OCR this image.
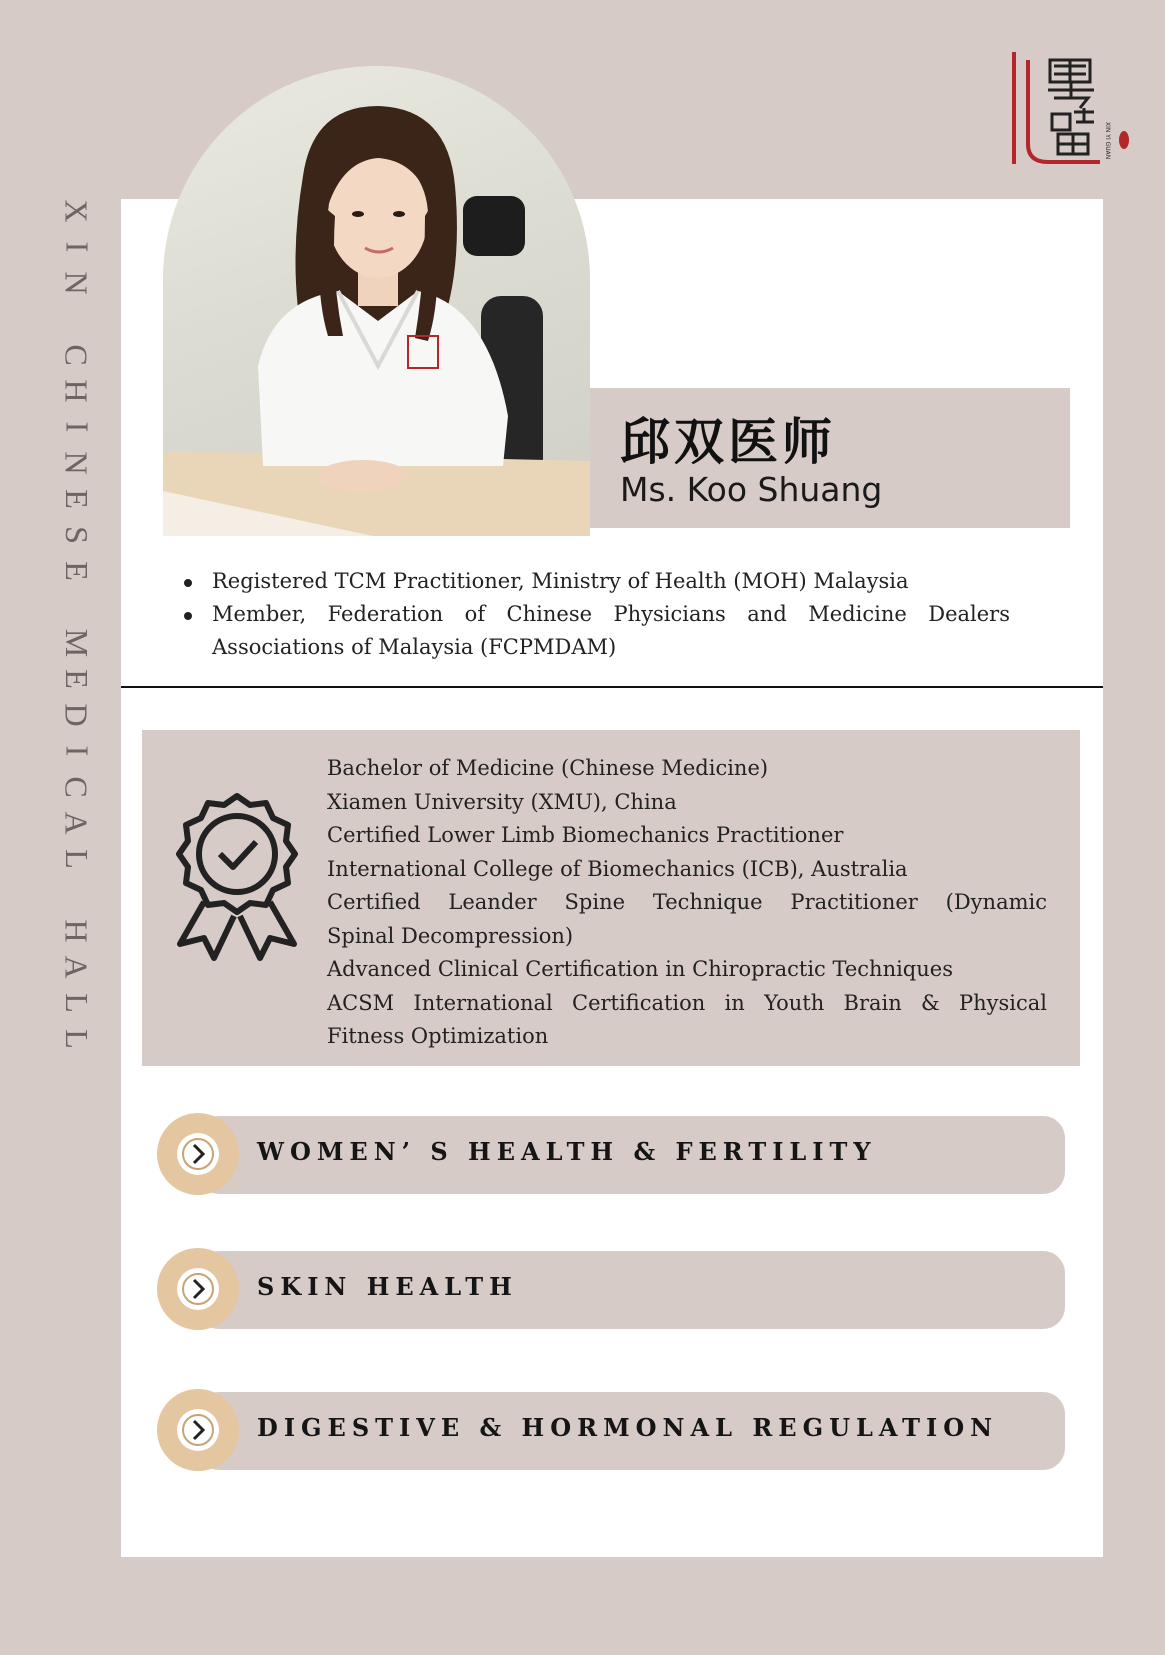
X
I
N

C
H
I
N
E
S
E

M
E
D
I
C
A
L

H
A
L
L
XIN YI GUAN
邱双医师
Ms. Koo Shuang
Registered TCM Practitioner, Ministry of Health (MOH) Malaysia
Member, Federation of Chinese Physicians and Medicine Dealers Associations of Malaysia (FCPMDAM)
Bachelor of Medicine (Chinese Medicine)
Xiamen University (XMU), China
Certified Lower Limb Biomechanics Practitioner
International College of Biomechanics (ICB), Australia
Certified Leander Spine Technique Practitioner (Dynamic
Spinal Decompression)
Advanced Clinical Certification in Chiropractic Techniques
ACSM International Certification in Youth Brain & Physical
Fitness Optimization
WOMEN’ S HEALTH & FERTILITY
SKIN HEALTH
DIGESTIVE & HORMONAL REGULATION
